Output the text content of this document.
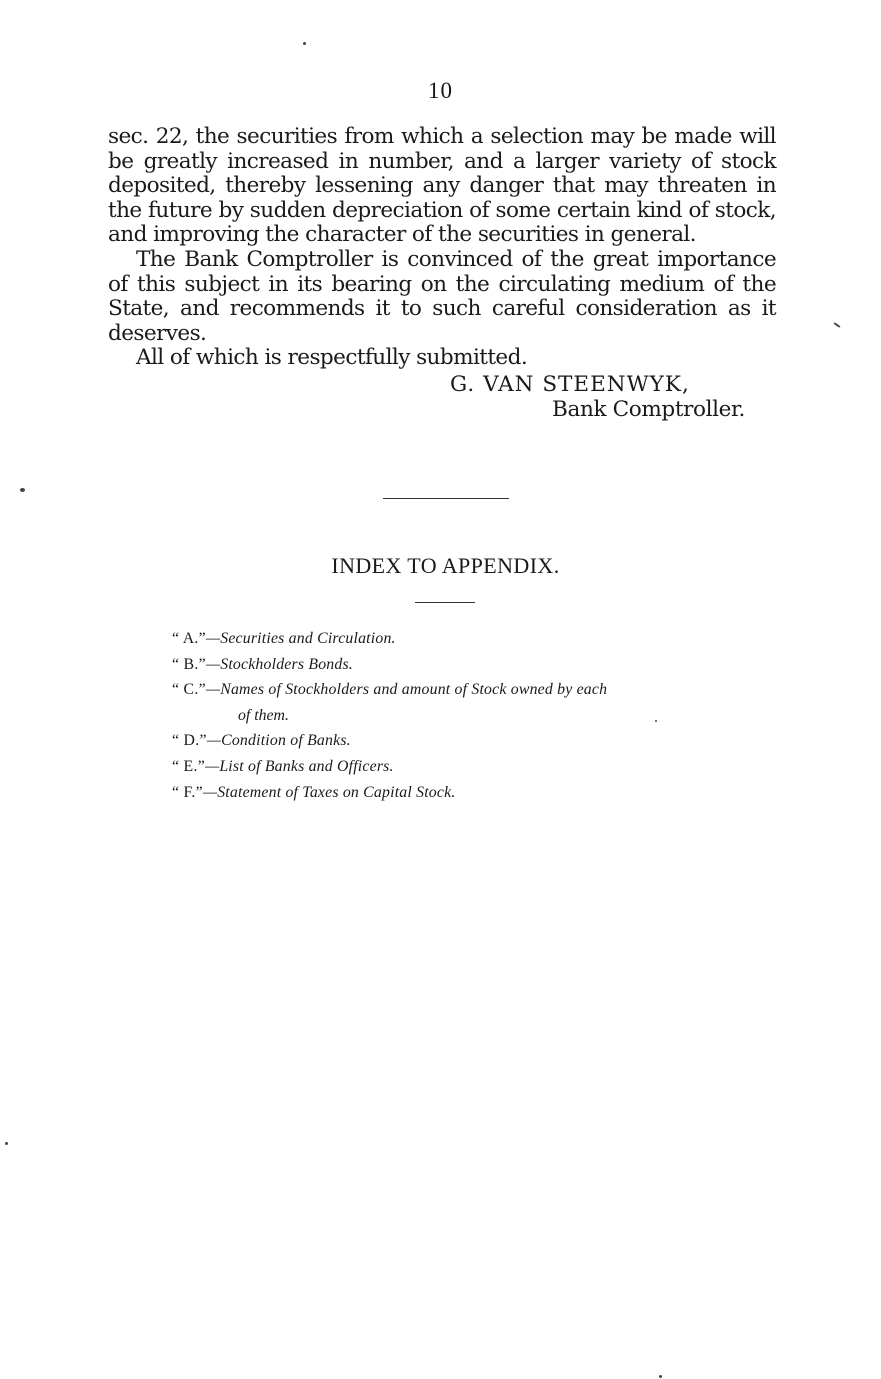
10

sec. 22, the securities from which a selection may be made will be greatly increased in number, and a larger variety of stock deposited, thereby lessening any danger that may threaten in the future by sudden depreciation of some certain kind of stock, and improving the character of the securities in general.

The Bank Comptroller is convinced of the great importance of this subject in its bearing on the circulating medium of the State, and recommends it to such careful consideration as it deserves.

All of which is respectfully submitted.

G. VAN STEENWYK,
Bank Comptroller.
INDEX TO APPENDIX.
“ A.”—Securities and Circulation.
“ B.”—Stockholders Bonds.
“ C.”—Names of Stockholders and amount of Stock owned by each
of them.
“ D.”—Condition of Banks.
“ E.”—List of Banks and Officers.
“ F.”—Statement of Taxes on Capital Stock.
